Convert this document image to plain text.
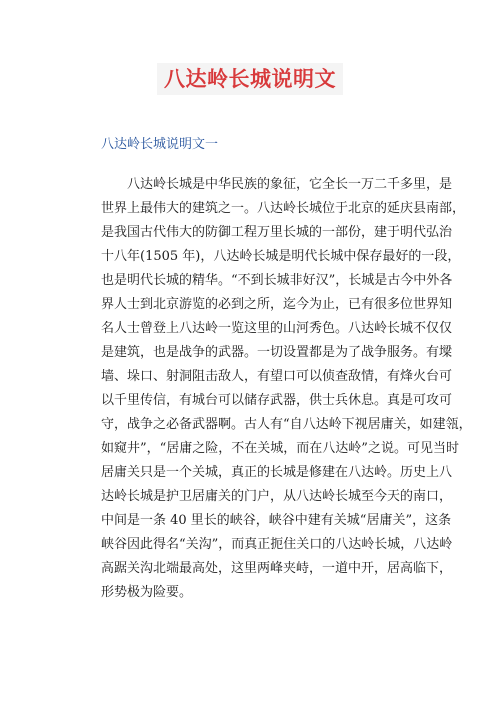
八达岭长城说明文

八达岭长城说明文一

　　八达岭长城是中华民族的象征，它全长一万二千多里，是
世界上最伟大的建筑之一。八达岭长城位于北京的延庆县南部，
是我国古代伟大的防御工程万里长城的一部份，建于明代弘治
十八年(1505 年)，八达岭长城是明代长城中保存最好的一段，
也是明代长城的精华。“不到长城非好汉”，长城是古今中外各
界人士到北京游览的必到之所，迄今为止，已有很多位世界知
名人士曾登上八达岭一览这里的山河秀色。八达岭长城不仅仅
是建筑，也是战争的武器。一切设置都是为了战争服务。有墚
墙、垛口、射洞阻击敌人，有望口可以侦查敌情，有烽火台可
以千里传信，有城台可以储存武器，供士兵休息。真是可攻可
守，战争之必备武器啊。古人有“自八达岭下视居庸关，如建瓴，
如窥井”，“居庸之险，不在关城，而在八达岭”之说。可见当时
居庸关只是一个关城，真正的长城是修建在八达岭。历史上八
达岭长城是护卫居庸关的门户，从八达岭长城至今天的南口，
中间是一条 40 里长的峡谷，峡谷中建有关城“居庸关”，这条
峡谷因此得名“关沟”，而真正扼住关口的八达岭长城，八达岭
高踞关沟北端最高处，这里两峰夹峙，一道中开，居高临下，
形势极为险要。
